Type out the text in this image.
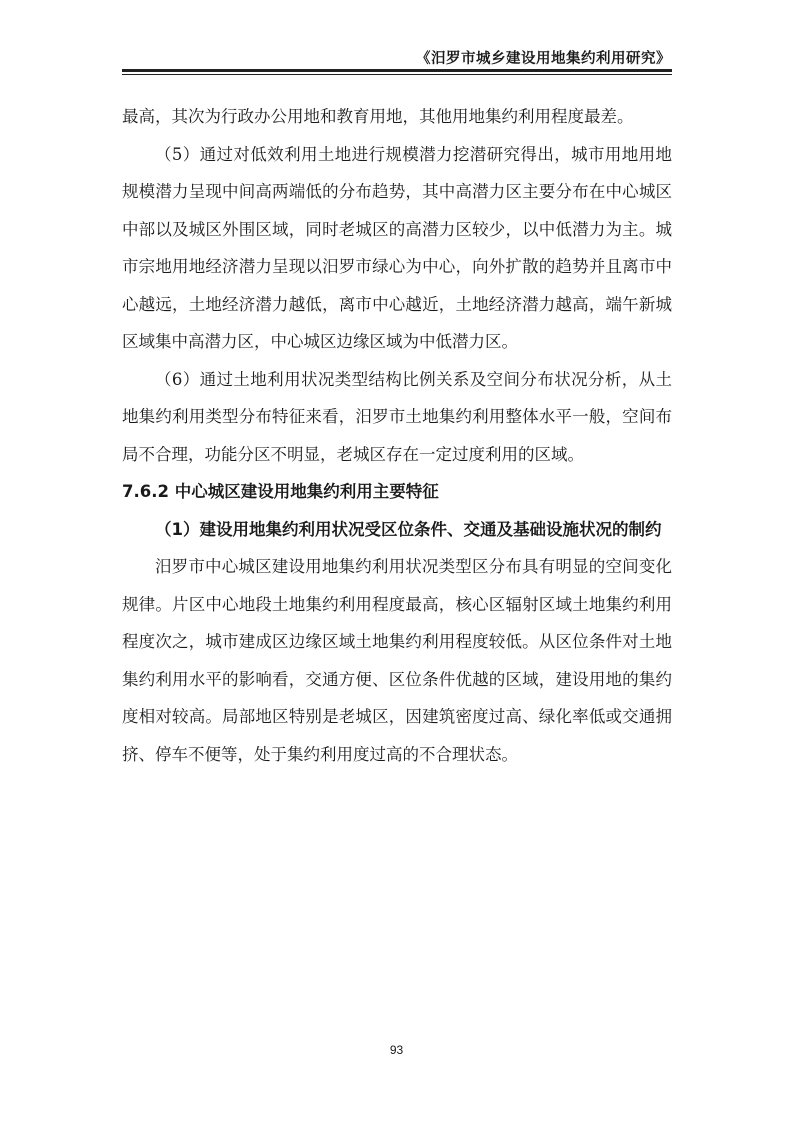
《汨罗市城乡建设用地集约利用研究》

最高，其次为行政办公用地和教育用地，其他用地集约利用程度最差。

（5）通过对低效利用土地进行规模潜力挖潜研究得出，城市用地用地规模潜力呈现中间高两端低的分布趋势，其中高潜力区主要分布在中心城区中部以及城区外围区域，同时老城区的高潜力区较少，以中低潜力为主。城市宗地用地经济潜力呈现以汨罗市绿心为中心，向外扩散的趋势并且离市中心越远，土地经济潜力越低，离市中心越近，土地经济潜力越高，端午新城区域集中高潜力区，中心城区边缘区域为中低潜力区。

（6）通过土地利用状况类型结构比例关系及空间分布状况分析，从土地集约利用类型分布特征来看，汨罗市土地集约利用整体水平一般，空间布局不合理，功能分区不明显，老城区存在一定过度利用的区域。

7.6.2 中心城区建设用地集约利用主要特征

（1）建设用地集约利用状况受区位条件、交通及基础设施状况的制约

汨罗市中心城区建设用地集约利用状况类型区分布具有明显的空间变化规律。片区中心地段土地集约利用程度最高，核心区辐射区域土地集约利用程度次之，城市建成区边缘区域土地集约利用程度较低。从区位条件对土地集约利用水平的影响看，交通方便、区位条件优越的区域，建设用地的集约度相对较高。局部地区特别是老城区，因建筑密度过高、绿化率低或交通拥挤、停车不便等，处于集约利用度过高的不合理状态。

93
